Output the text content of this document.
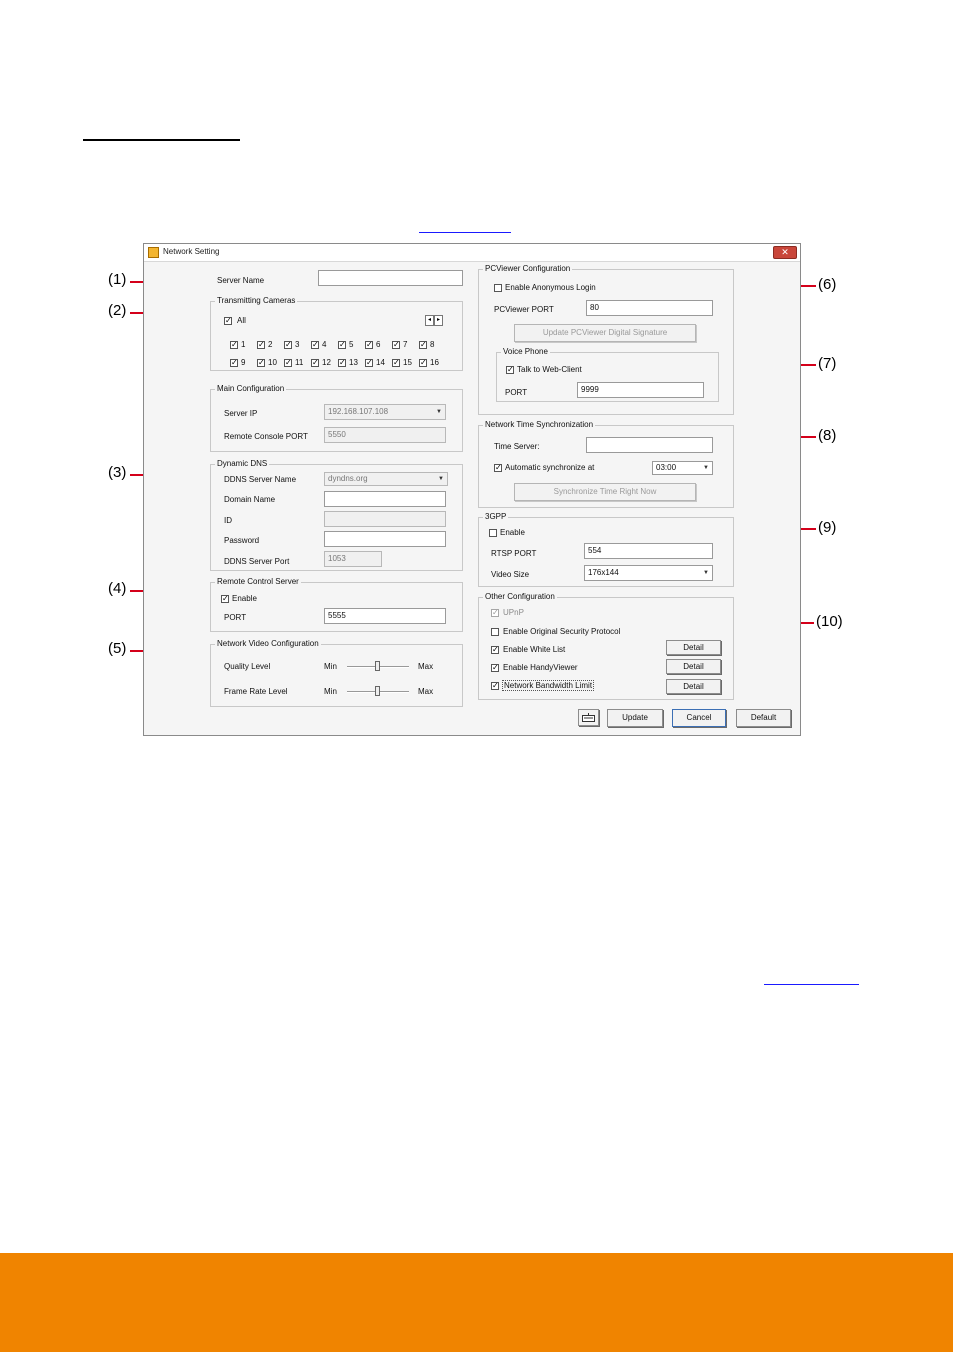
(1)
(2)
(3)
(4)
(5)
(6)
(7)
(8)
(9)
(10)
Network Setting	✕
Server Name
Transmitting Cameras
✓ All	◂ ▸
✓ 1 ✓ 2 ✓ 3 ✓ 4 ✓ 5 ✓ 6 ✓ 7 ✓ 8
✓ 9 ✓ 10 ✓ 11 ✓ 12 ✓ 13 ✓ 14 ✓ 15 ✓ 16
Main Configuration
Server IP	192.168.107.108	▼
Remote Console PORT	5550
Dynamic DNS
DDNS Server Name	dyndns.org	▼
Domain Name
ID
Password
DDNS Server Port	1053
Remote Control Server
✓ Enable
PORT	5555
Network Video Configuration
Quality Level	Min	Max
Frame Rate Level	Min	Max
PCViewer Configuration
Enable Anonymous Login
PCViewer PORT	80
Update PCViewer Digital Signature
Voice Phone
✓ Talk to Web-Client
PORT	9999
Network Time Synchronization
Time Server:
✓ Automatic synchronize at	03:00	▼
Synchronize Time Right Now
3GPP
Enable
RTSP PORT	554
Video Size	176x144	▼
Other Configuration
✓ UPnP
Enable Original Security Protocol
✓ Enable White List	Detail
✓ Enable HandyViewer	Detail
✓ Network Bandwidth Limit	Detail
Update	Cancel	Default
